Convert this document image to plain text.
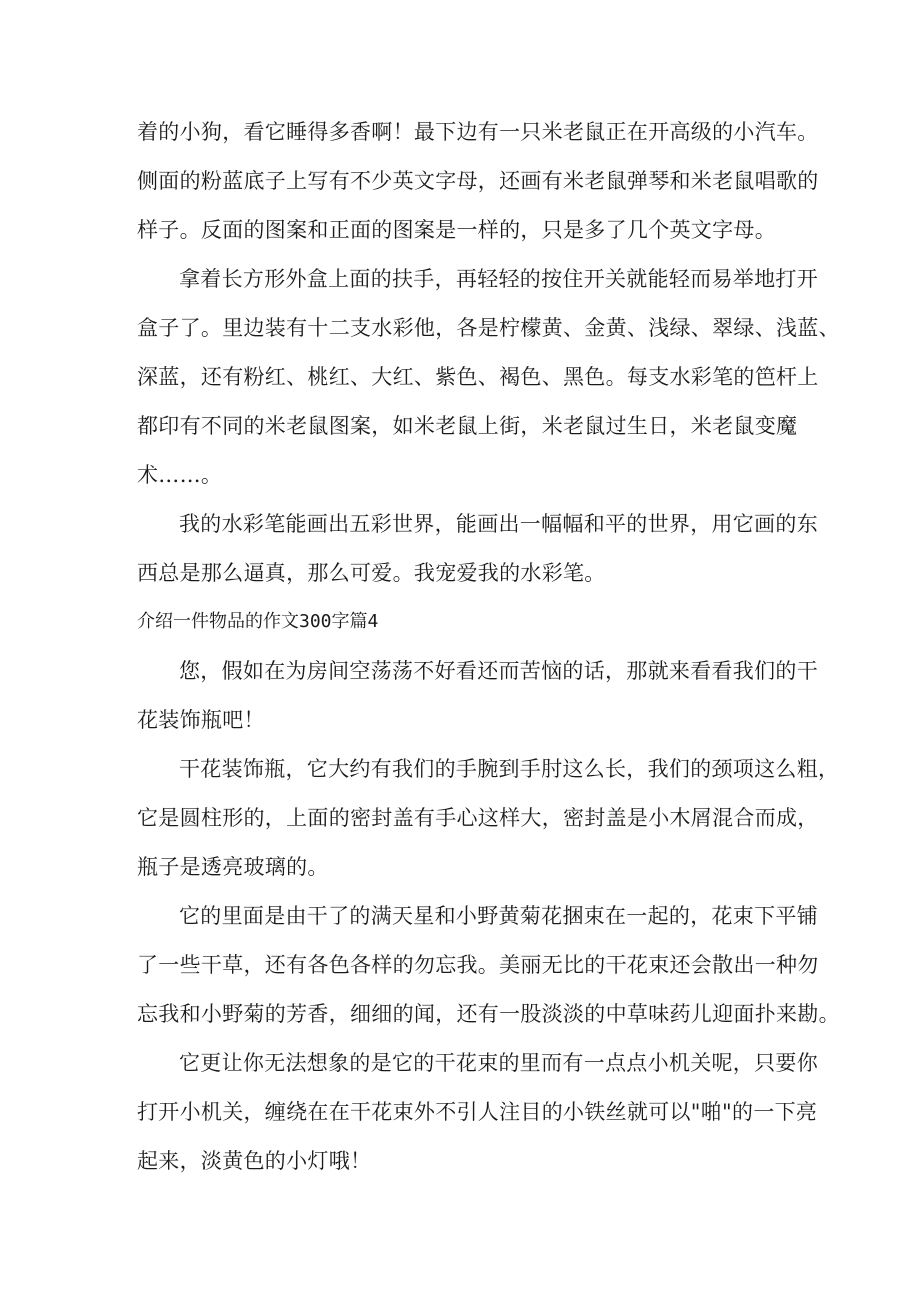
着的小狗，看它睡得多香啊！最下边有一只米老鼠正在开高级的小汽车。
侧面的粉蓝底子上写有不少英文字母，还画有米老鼠弹琴和米老鼠唱歌的
样子。反面的图案和正面的图案是一样的，只是多了几个英文字母。
拿着长方形外盒上面的扶手，再轻轻的按住开关就能轻而易举地打开
盒子了。里边装有十二支水彩他，各是柠檬黄、金黄、浅绿、翠绿、浅蓝、
深蓝，还有粉红、桃红、大红、紫色、褐色、黑色。每支水彩笔的笆杆上
都印有不同的米老鼠图案，如米老鼠上街，米老鼠过生日，米老鼠变魔
术……。
我的水彩笔能画出五彩世界，能画出一幅幅和平的世界，用它画的东
西总是那么逼真，那么可爱。我宠爱我的水彩笔。
介绍一件物品的作文300字篇4
您，假如在为房间空荡荡不好看还而苦恼的话，那就来看看我们的干
花装饰瓶吧！
干花装饰瓶，它大约有我们的手腕到手肘这么长，我们的颈项这么粗，
它是圆柱形的，上面的密封盖有手心这样大，密封盖是小木屑混合而成，
瓶子是透亮玻璃的。
它的里面是由干了的满天星和小野黄菊花捆束在一起的，花束下平铺
了一些干草，还有各色各样的勿忘我。美丽无比的干花束还会散出一种勿
忘我和小野菊的芳香，细细的闻，还有一股淡淡的中草味药儿迎面扑来勘。
它更让你无法想象的是它的干花束的里而有一点点小机关呢，只要你
打开小机关，缠绕在在干花束外不引人注目的小铁丝就可以"啪"的一下亮
起来，淡黄色的小灯哦！
